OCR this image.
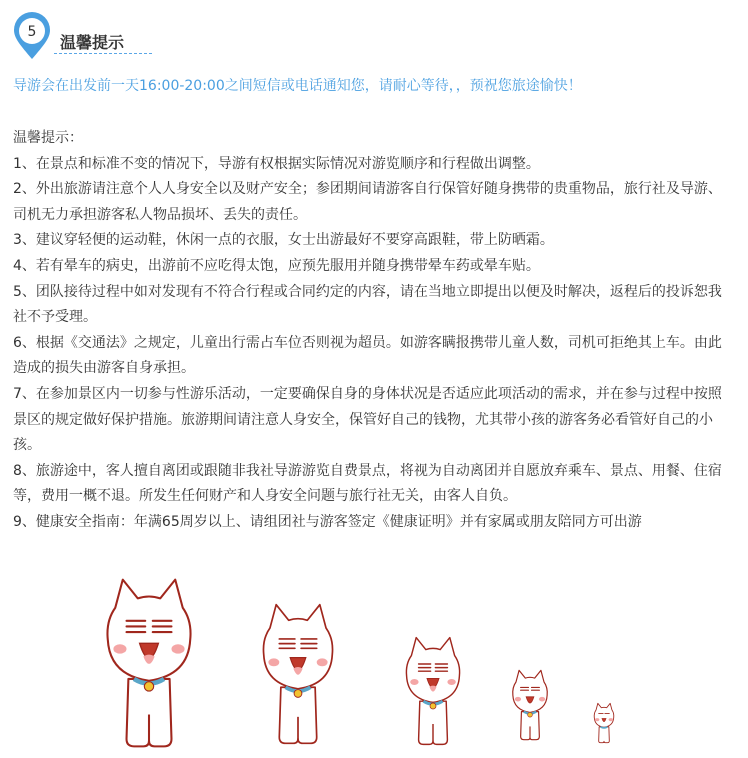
5
温馨提示
导游会在出发前一天16:00-20:00之间短信或电话通知您，请耐心等待，，预祝您旅途愉快！

温馨提示：

1、在景点和标准不变的情况下，导游有权根据实际情况对游览顺序和行程做出调整。

2、外出旅游请注意个人人身安全以及财产安全；参团期间请游客自行保管好随身携带的贵重物品，旅行社及导游、司机无力承担游客私人物品损坏、丢失的责任。

3、建议穿轻便的运动鞋，休闲一点的衣服，女士出游最好不要穿高跟鞋，带上防晒霜。

4、若有晕车的病史，出游前不应吃得太饱，应预先服用并随身携带晕车药或晕车贴。

5、团队接待过程中如对发现有不符合行程或合同约定的内容，请在当地立即提出以便及时解决，返程后的投诉恕我社不予受理。

6、根据《交通法》之规定，儿童出行需占车位否则视为超员。如游客瞒报携带儿童人数，司机可拒绝其上车。由此造成的损失由游客自身承担。

7、在参加景区内一切参与性游乐活动，一定要确保自身的身体状况是否适应此项活动的需求，并在参与过程中按照景区的规定做好保护措施。旅游期间请注意人身安全，保管好自己的钱物，尤其带小孩的游客务必看管好自己的小孩。

8、旅游途中，客人擅自离团或跟随非我社导游游览自费景点，将视为自动离团并自愿放弃乘车、景点、用餐、住宿等，费用一概不退。所发生任何财产和人身安全问题与旅行社无关，由客人自负。

9、健康安全指南：年满65周岁以上、请组团社与游客签定《健康证明》并有家属或朋友陪同方可出游
